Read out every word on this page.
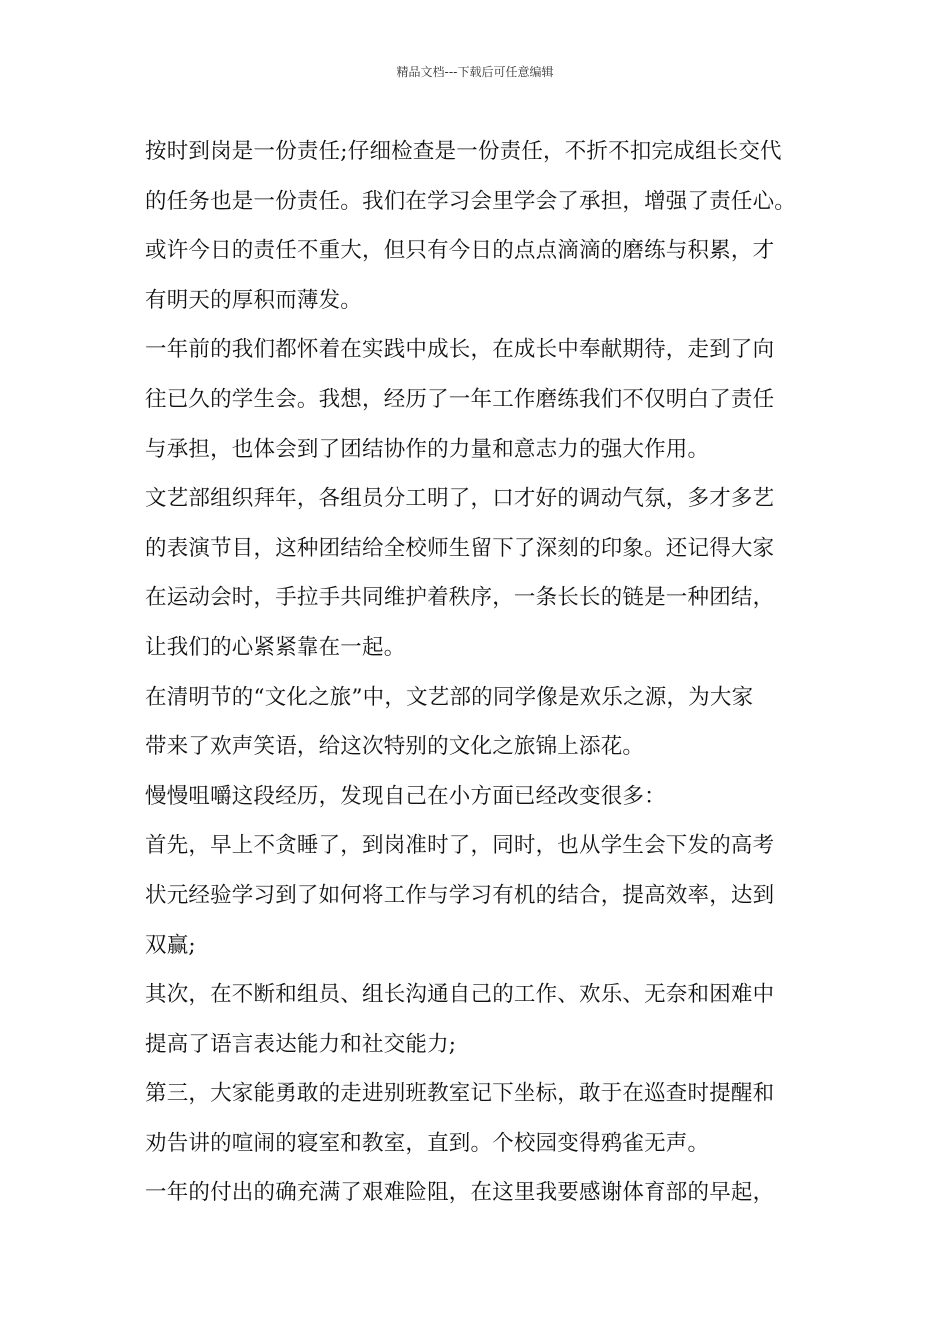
精品文档---下载后可任意编辑
按时到岗是一份责任;仔细检查是一份责任，不折不扣完成组长交代
的任务也是一份责任。我们在学习会里学会了承担，增强了责任心。
或许今日的责任不重大，但只有今日的点点滴滴的磨练与积累，才
有明天的厚积而薄发。
一年前的我们都怀着在实践中成长，在成长中奉献期待，走到了向
往已久的学生会。我想，经历了一年工作磨练我们不仅明白了责任
与承担，也体会到了团结协作的力量和意志力的强大作用。
文艺部组织拜年，各组员分工明了，口才好的调动气氛，多才多艺
的表演节目，这种团结给全校师生留下了深刻的印象。还记得大家
在运动会时，手拉手共同维护着秩序，一条长长的链是一种团结，
让我们的心紧紧靠在一起。
在清明节的“文化之旅”中，文艺部的同学像是欢乐之源，为大家
带来了欢声笑语，给这次特别的文化之旅锦上添花。
慢慢咀嚼这段经历，发现自己在小方面已经改变很多：
首先，早上不贪睡了，到岗准时了，同时，也从学生会下发的高考
状元经验学习到了如何将工作与学习有机的结合，提高效率，达到
双赢;
其次，在不断和组员、组长沟通自己的工作、欢乐、无奈和困难中
提高了语言表达能力和社交能力;
第三，大家能勇敢的走进别班教室记下坐标，敢于在巡查时提醒和
劝告讲的喧闹的寝室和教室，直到。个校园变得鸦雀无声。
一年的付出的确充满了艰难险阻，在这里我要感谢体育部的早起，
